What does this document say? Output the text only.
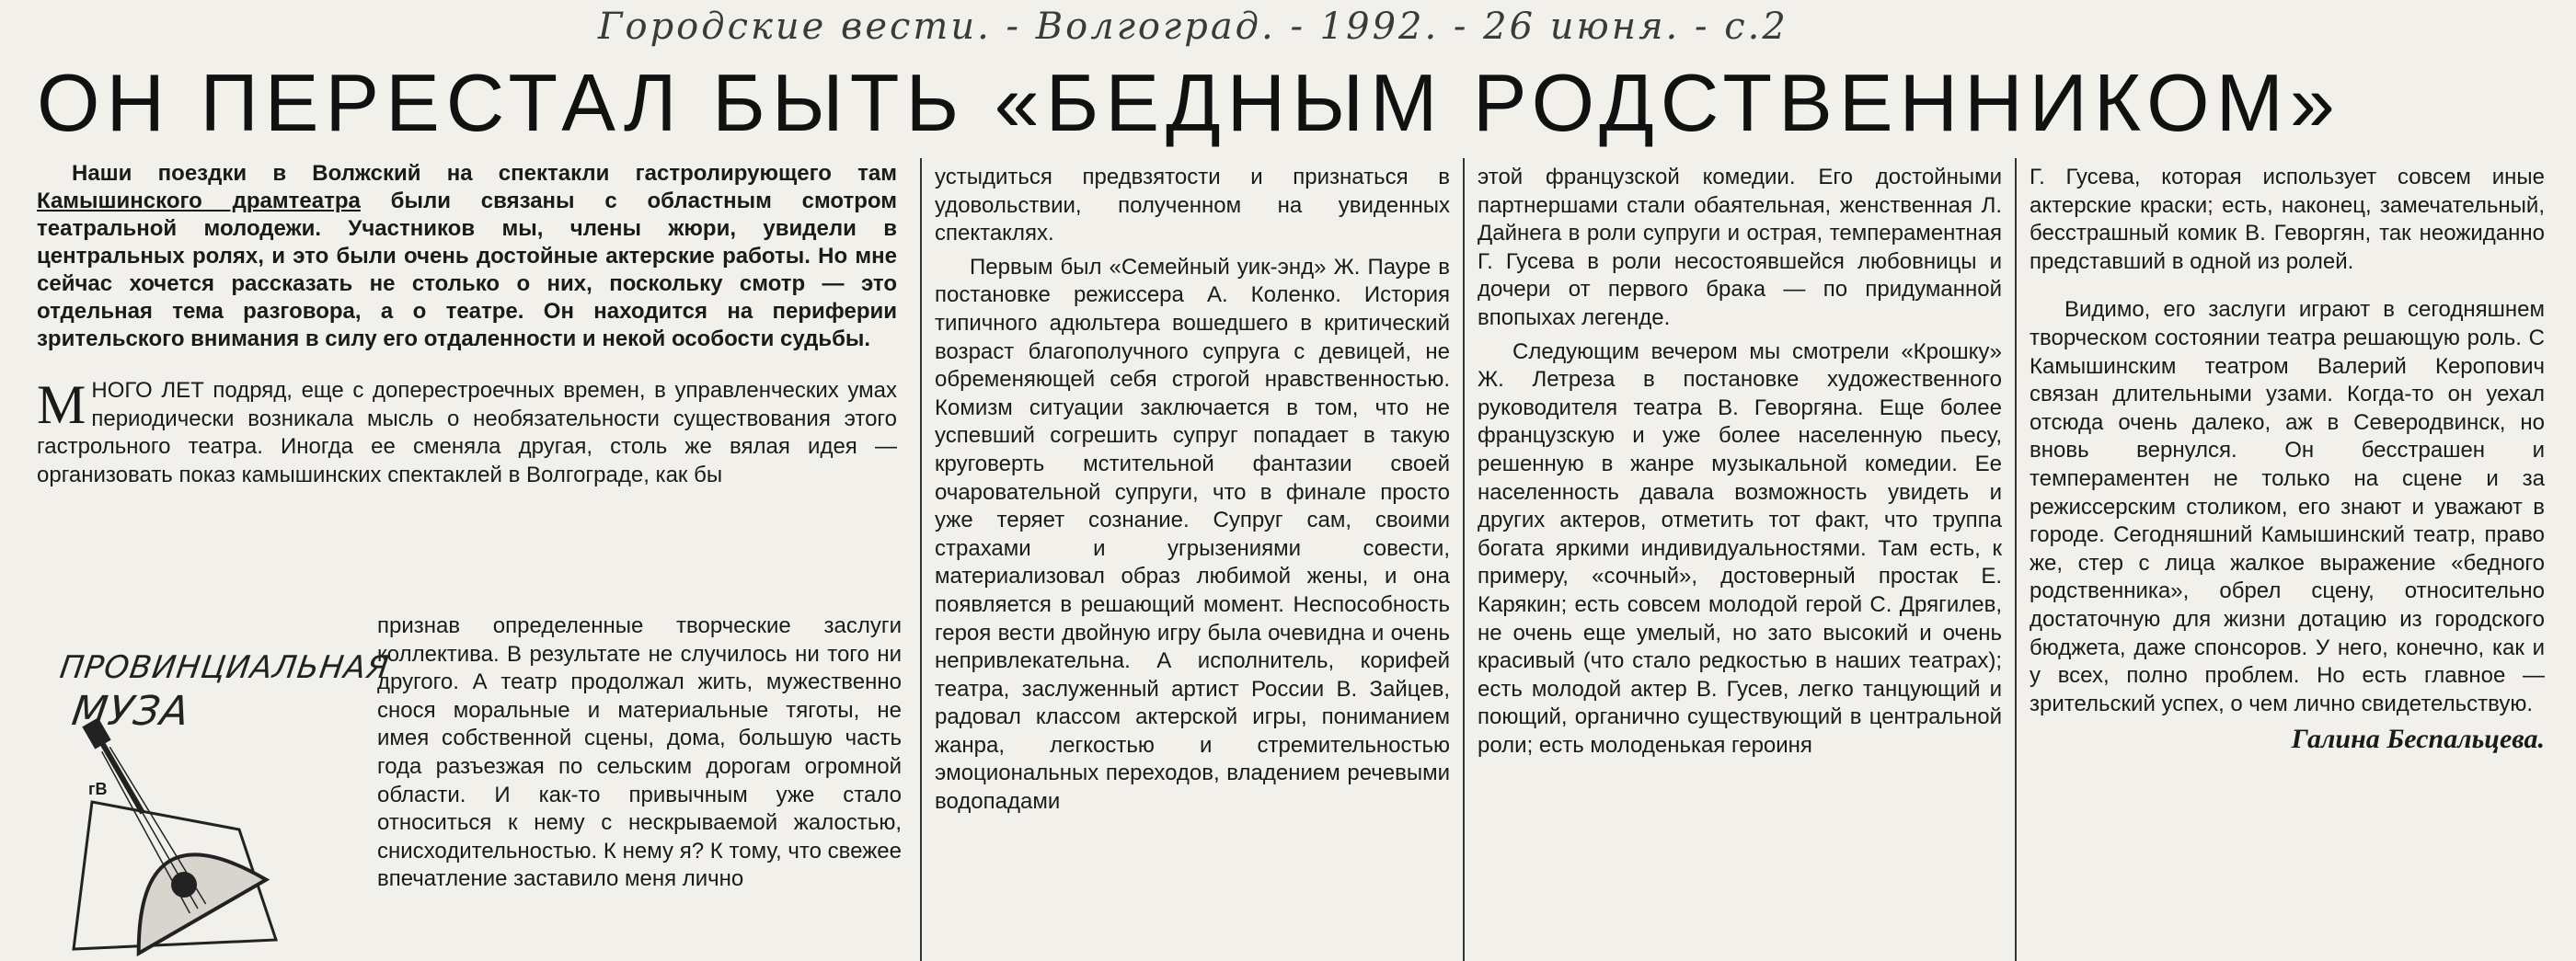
Городские вести. - Волгоград. - 1992. - 26 июня. - с.2
ОН ПЕРЕСТАЛ БЫТЬ «БЕДНЫМ РОДСТВЕННИКОМ»

Наши поездки в Волжский на спектакли гастролирующего там Камышинского драмтеатра были связаны с областным смотром театральной молодежи. Участников мы, члены жюри, увидели в центральных ролях, и это были очень достойные актерские работы. Но мне сейчас хочется рассказать не столько о них, поскольку смотр — это отдельная тема разговора, а о театре. Он находится на периферии зрительского внимания в силу его отдаленности и некой особости судьбы.

МНОГО ЛЕТ подряд, еще с доперестроечных времен, в управленческих умах периодически возникала мысль о необязательности существования этого гастрольного театра. Иногда ее сменяла другая, столь же вялая идея — организовать показ камышинских спектаклей в Волгограде, как бы

признав определенные творческие заслуги коллектива. В результате не случилось ни того ни другого. А театр продолжал жить, мужественно снося моральные и материальные тяготы, не имея собственной сцены, дома, большую часть года разъезжая по сельским дорогам огромной области. И как-то привычным уже стало относиться к нему с нескрываемой жалостью, снисходительностью. К нему я? К тому, что свежее впечатление заставило меня лично

ПРОВИНЦИАЛЬНАЯ
МУЗА
гВ

устыдиться предвзятости и признаться в удовольствии, полученном на увиденных спектаклях.

Первым был «Семейный уик-энд» Ж. Пауре в постановке режиссера А. Коленко. История типичного адюльтера вошедшего в критический возраст благополучного супруга с девицей, не обременяющей себя строгой нравственностью. Комизм ситуации заключается в том, что не успевший согрешить супруг попадает в такую круговерть мстительной фантазии своей очаровательной супруги, что в финале просто уже теряет сознание. Супруг сам, своими страхами и угрызениями совести, материализовал образ любимой жены, и она появляется в решающий момент. Неспособность героя вести двойную игру была очевидна и очень непривлекательна. А исполнитель, корифей театра, заслуженный артист России В. Зайцев, радовал классом актерской игры, пониманием жанра, легкостью и стремительностью эмоциональных переходов, владением речевыми водопадами

этой французской комедии. Его достойными партнершами стали обаятельная, женственная Л. Дайнега в роли супруги и острая, темпераментная Г. Гусева в роли несостоявшейся любовницы и дочери от первого брака — по придуманной впопыхах легенде.

Следующим вечером мы смотрели «Крошку» Ж. Летреза в постановке художественного руководителя театра В. Геворгяна. Еще более французскую и уже более населенную пьесу, решенную в жанре музыкальной комедии. Ее населенность давала возможность увидеть и других актеров, отметить тот факт, что труппа богата яркими индивидуальностями. Там есть, к примеру, «сочный», достоверный простак Е. Карякин; есть совсем молодой герой С. Дрягилев, не очень еще умелый, но зато высокий и очень красивый (что стало редкостью в наших театрах); есть молодой актер В. Гусев, легко танцующий и поющий, органично существующий в центральной роли; есть молоденькая героиня

Г. Гусева, которая использует совсем иные актерские краски; есть, наконец, замечательный, бесстрашный комик В. Геворгян, так неожиданно представший в одной из ролей.

Видимо, его заслуги играют в сегодняшнем творческом состоянии театра решающую роль. С Камышинским театром Валерий Керопович связан длительными узами. Когда-то он уехал отсюда очень далеко, аж в Северодвинск, но вновь вернулся. Он бесстрашен и темпераментен не только на сцене и за режиссерским столиком, его знают и уважают в городе. Сегодняшний Камышинский театр, право же, стер с лица жалкое выражение «бедного родственника», обрел сцену, относительно достаточную для жизни дотацию из городского бюджета, даже спонсоров. У него, конечно, как и у всех, полно проблем. Но есть главное — зрительский успех, о чем лично свидетельствую.

Галина Беспальцева.
